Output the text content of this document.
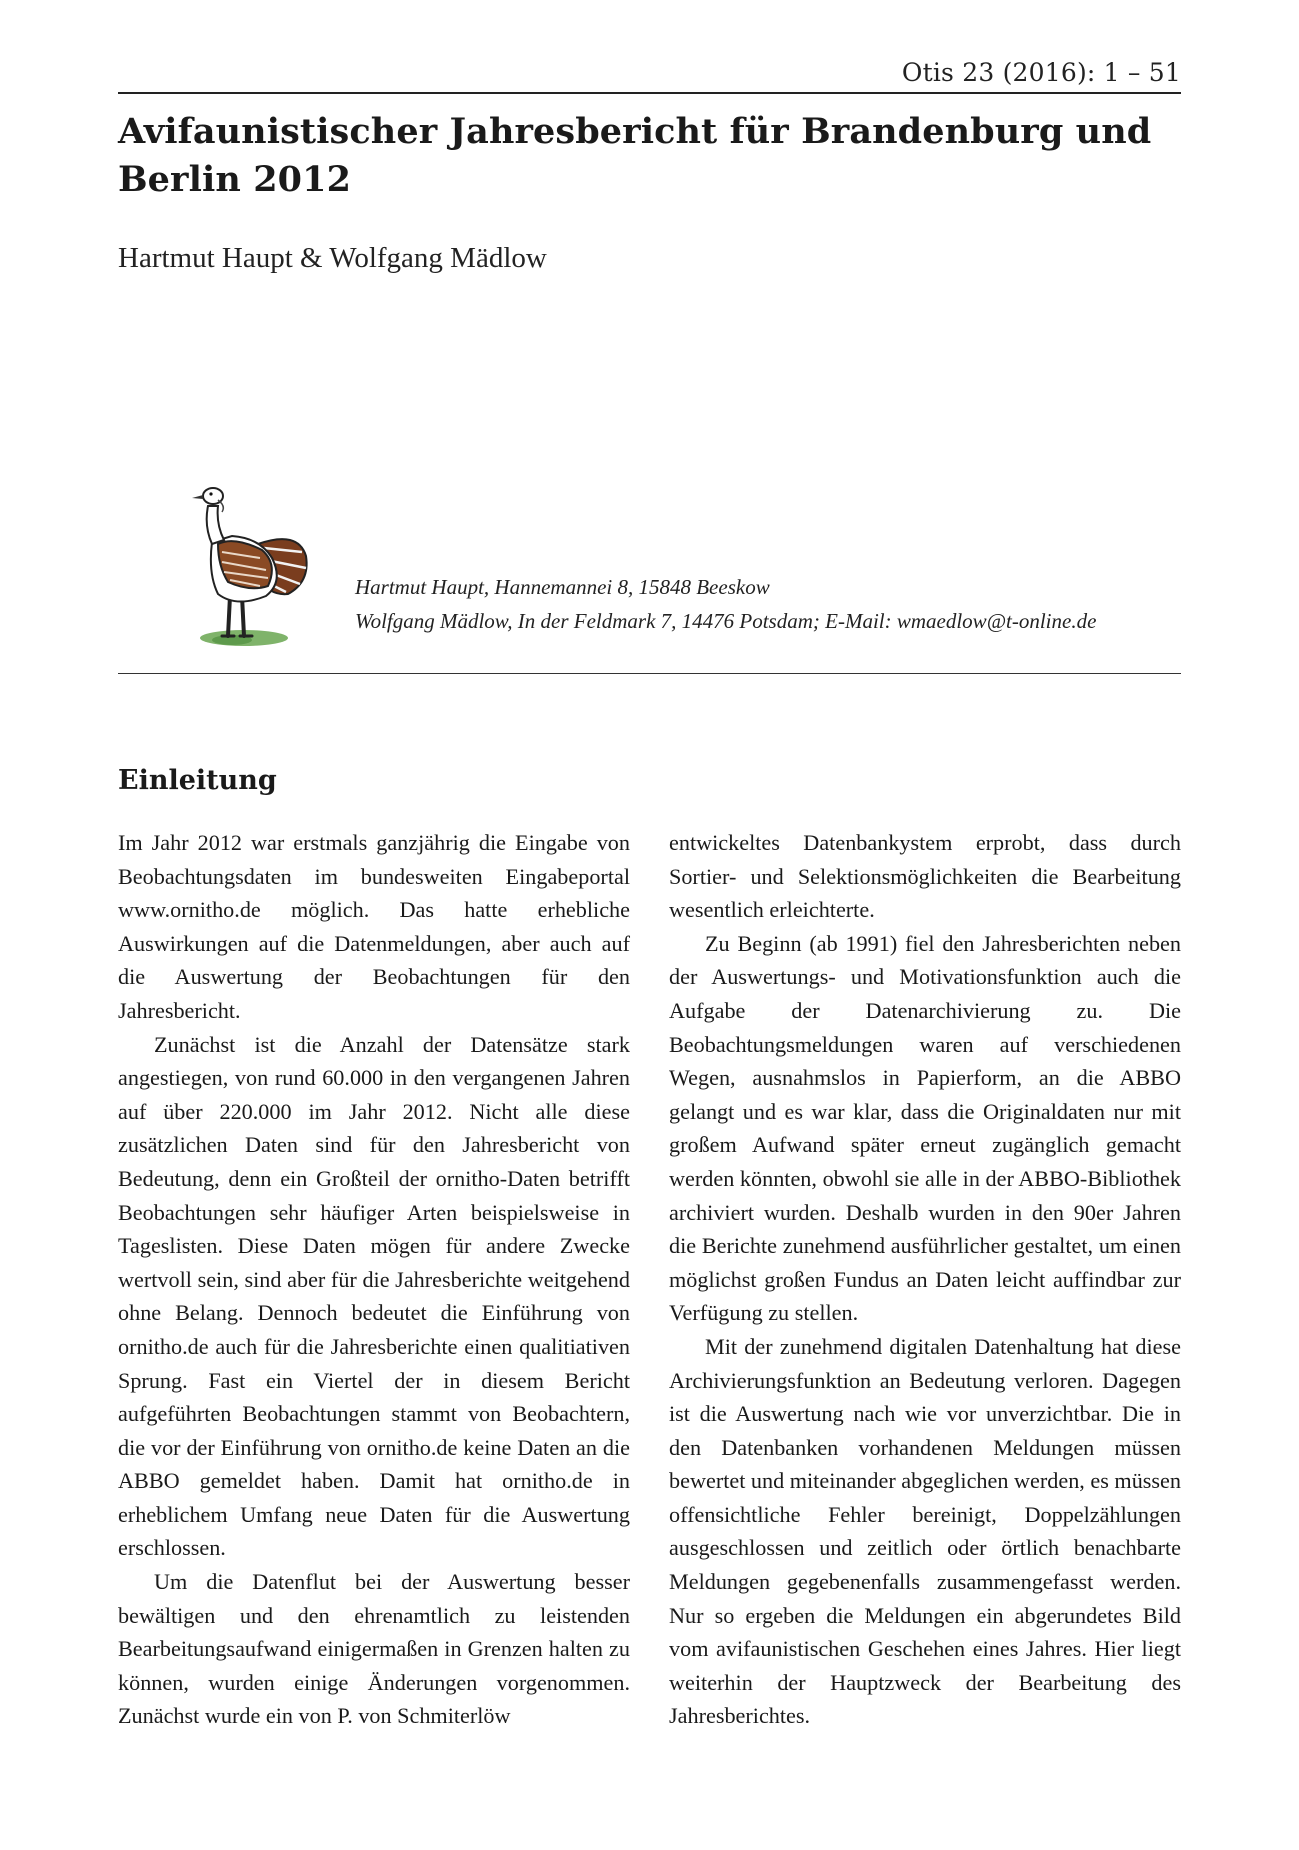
Otis 23 (2016): 1 – 51
Avifaunistischer Jahresbericht für Brandenburg und Berlin 2012
Hartmut Haupt & Wolfgang Mädlow
Hartmut Haupt, Hannemannei 8, 15848 Beeskow
Wolfgang Mädlow, In der Feldmark 7, 14476 Potsdam; E-Mail: wmaedlow@t-online.de
Einleitung

Im Jahr 2012 war erstmals ganzjährig die Eingabe von Beobachtungsdaten im bundesweiten Eingabeportal www.ornitho.de möglich. Das hatte erhebliche Auswirkungen auf die Datenmeldungen, aber auch auf die Auswertung der Beobachtungen für den Jahresbericht.

Zunächst ist die Anzahl der Datensätze stark angestiegen, von rund 60.000 in den vergangenen Jahren auf über 220.000 im Jahr 2012. Nicht alle diese zusätzlichen Daten sind für den Jahresbericht von Bedeutung, denn ein Großteil der ornitho-Daten betrifft Beobachtungen sehr häufiger Arten beispielsweise in Tageslisten. Diese Daten mögen für andere Zwecke wertvoll sein, sind aber für die Jahresberichte weitgehend ohne Belang. Dennoch bedeutet die Einführung von ornitho.de auch für die Jahresberichte einen qualitiativen Sprung. Fast ein Viertel der in diesem Bericht aufgeführten Beobachtungen stammt von Beobachtern, die vor der Einführung von ornitho.de keine Daten an die ABBO gemeldet haben. Damit hat ornitho.de in erheblichem Umfang neue Daten für die Auswertung erschlossen.

Um die Datenflut bei der Auswertung besser bewältigen und den ehrenamtlich zu leistenden Bearbeitungsaufwand einigermaßen in Grenzen halten zu können, wurden einige Änderungen vorgenommen. Zunächst wurde ein von P. von Schmiterlöw

entwickeltes Datenbankystem erprobt, dass durch Sortier- und Selektionsmöglichkeiten die Bearbeitung wesentlich erleichterte.

Zu Beginn (ab 1991) fiel den Jahresberichten neben der Auswertungs- und Motivationsfunktion auch die Aufgabe der Datenarchivierung zu. Die Beobachtungsmeldungen waren auf verschiedenen Wegen, ausnahmslos in Papierform, an die ABBO gelangt und es war klar, dass die Originaldaten nur mit großem Aufwand später erneut zugänglich gemacht werden könnten, obwohl sie alle in der ABBO-Bibliothek archiviert wurden. Deshalb wurden in den 90er Jahren die Berichte zunehmend ausführlicher gestaltet, um einen möglichst großen Fundus an Daten leicht auffindbar zur Verfügung zu stellen.

Mit der zunehmend digitalen Datenhaltung hat diese Archivierungsfunktion an Bedeutung verloren. Dagegen ist die Auswertung nach wie vor unverzichtbar. Die in den Datenbanken vorhandenen Meldungen müssen bewertet und miteinander abgeglichen werden, es müssen offensichtliche Fehler bereinigt, Doppelzählungen ausgeschlossen und zeitlich oder örtlich benachbarte Meldungen gegebenenfalls zusammengefasst werden. Nur so ergeben die Meldungen ein abgerundetes Bild vom avifaunistischen Geschehen eines Jahres. Hier liegt weiterhin der Hauptzweck der Bearbeitung des Jahresberichtes.
